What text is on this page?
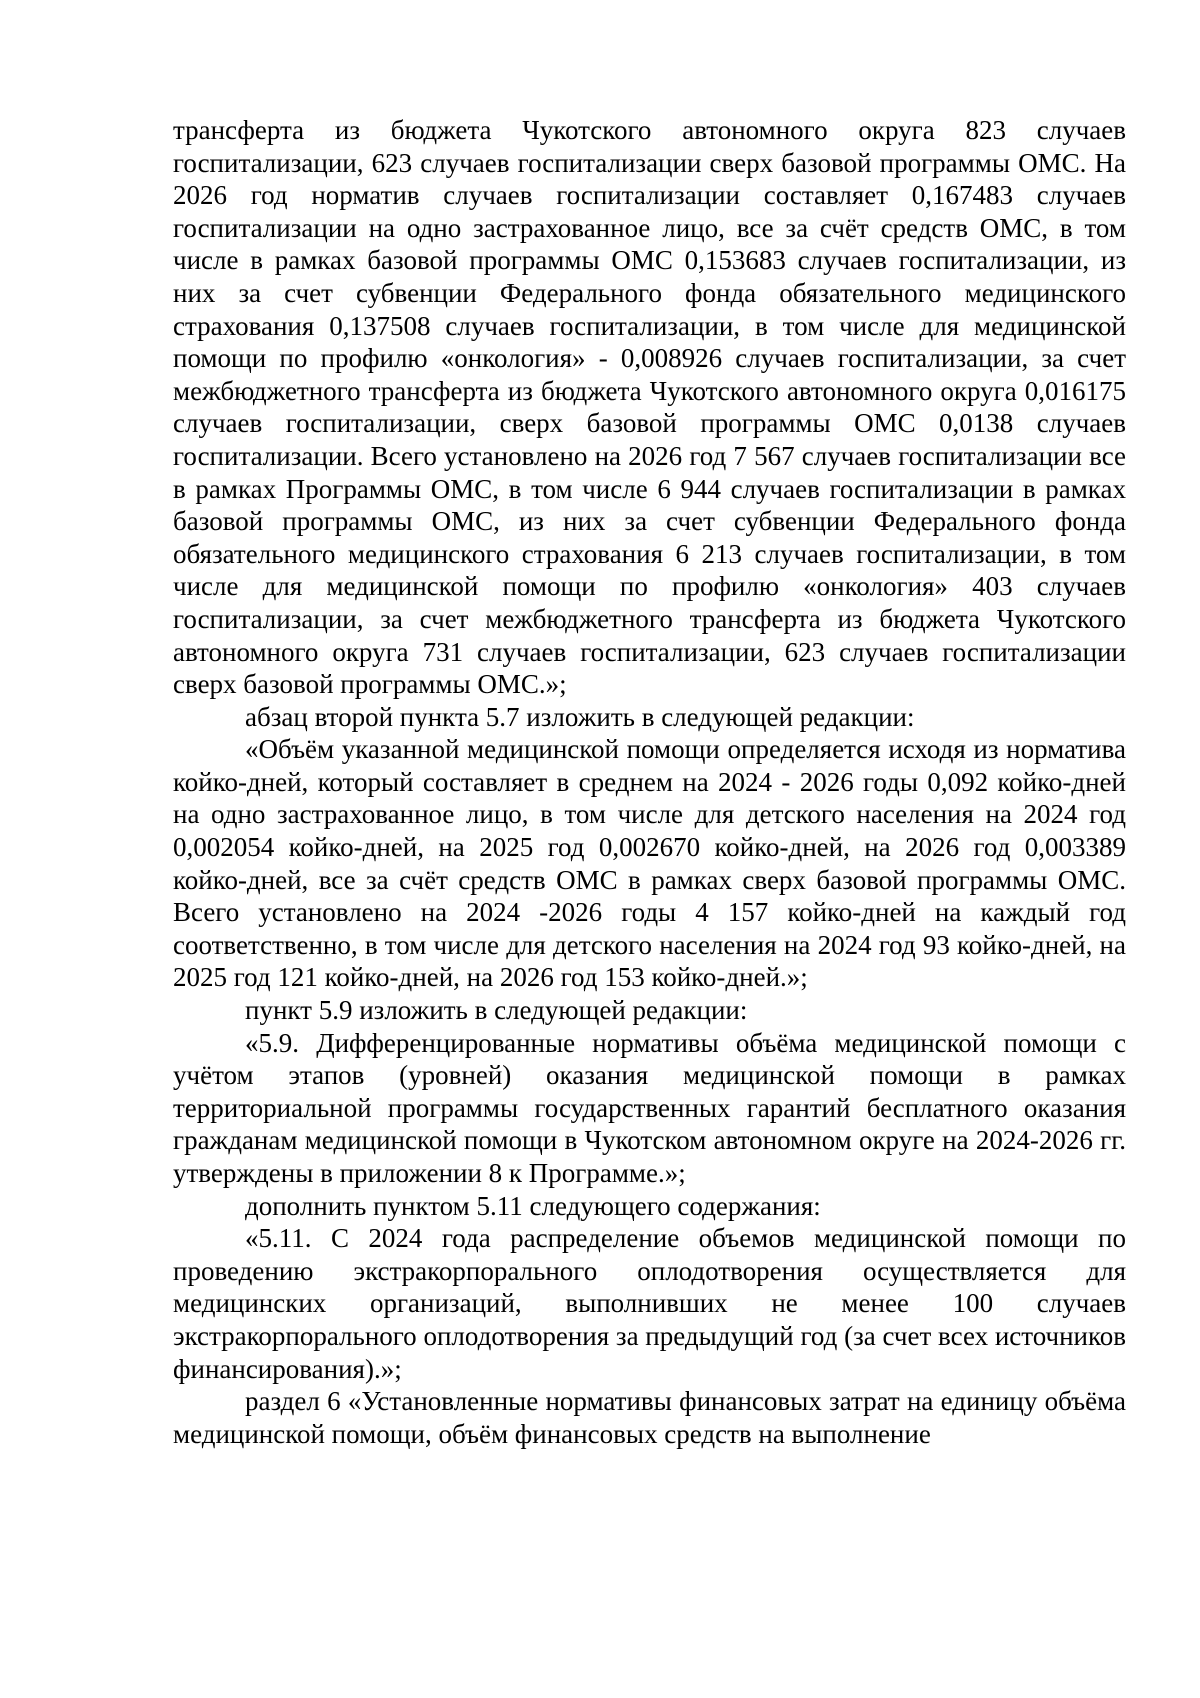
трансферта из бюджета Чукотского автономного округа 823 случаев госпитализации, 623 случаев госпитализации сверх базовой программы ОМС. На 2026 год норматив случаев госпитализации составляет 0,167483 случаев госпитализации на одно застрахованное лицо, все за счёт средств ОМС, в том числе в рамках базовой программы ОМС 0,153683 случаев госпитализации, из них за счет субвенции Федерального фонда обязательного медицинского страхования 0,137508 случаев госпитализации, в том числе для медицинской помощи по профилю «онкология» - 0,008926 случаев госпитализации, за счет межбюджетного трансферта из бюджета Чукотского автономного округа 0,016175 случаев госпитализации, сверх базовой программы ОМС 0,0138 случаев госпитализации. Всего установлено на 2026 год 7 567 случаев госпитализации все в рамках Программы ОМС, в том числе 6 944 случаев госпитализации в рамках базовой программы ОМС, из них за счет субвенции Федерального фонда обязательного медицинского страхования 6 213 случаев госпитализации, в том числе для медицинской помощи по профилю «онкология» 403 случаев госпитализации, за счет межбюджетного трансферта из бюджета Чукотского автономного округа 731 случаев госпитализации, 623 случаев госпитализации сверх базовой программы ОМС.»;

абзац второй пункта 5.7 изложить в следующей редакции:

«Объём указанной медицинской помощи определяется исходя из норматива койко-дней, который составляет в среднем на 2024 - 2026 годы 0,092 койко-дней на одно застрахованное лицо, в том числе для детского населения на 2024 год 0,002054 койко-дней, на 2025 год 0,002670 койко-дней, на 2026 год 0,003389 койко-дней, все за счёт средств ОМС в рамках сверх базовой программы ОМС. Всего установлено на 2024 -2026 годы 4 157 койко-дней на каждый год соответственно, в том числе для детского населения на 2024 год 93 койко-дней, на 2025 год 121 койко-дней, на 2026 год 153 койко-дней.»;

пункт 5.9 изложить в следующей редакции:

«5.9. Дифференцированные нормативы объёма медицинской помощи с учётом этапов (уровней) оказания медицинской помощи в рамках территориальной программы государственных гарантий бесплатного оказания гражданам медицинской помощи в Чукотском автономном округе на 2024-2026 гг. утверждены в приложении 8 к Программе.»;

дополнить пунктом 5.11 следующего содержания:

«5.11. С 2024 года распределение объемов медицинской помощи по проведению экстракорпорального оплодотворения осуществляется для медицинских организаций, выполнивших не менее 100 случаев экстракорпорального оплодотворения за предыдущий год (за счет всех источников финансирования).»;

раздел 6 «Установленные нормативы финансовых затрат на единицу объёма медицинской помощи, объём финансовых средств на выполнение
